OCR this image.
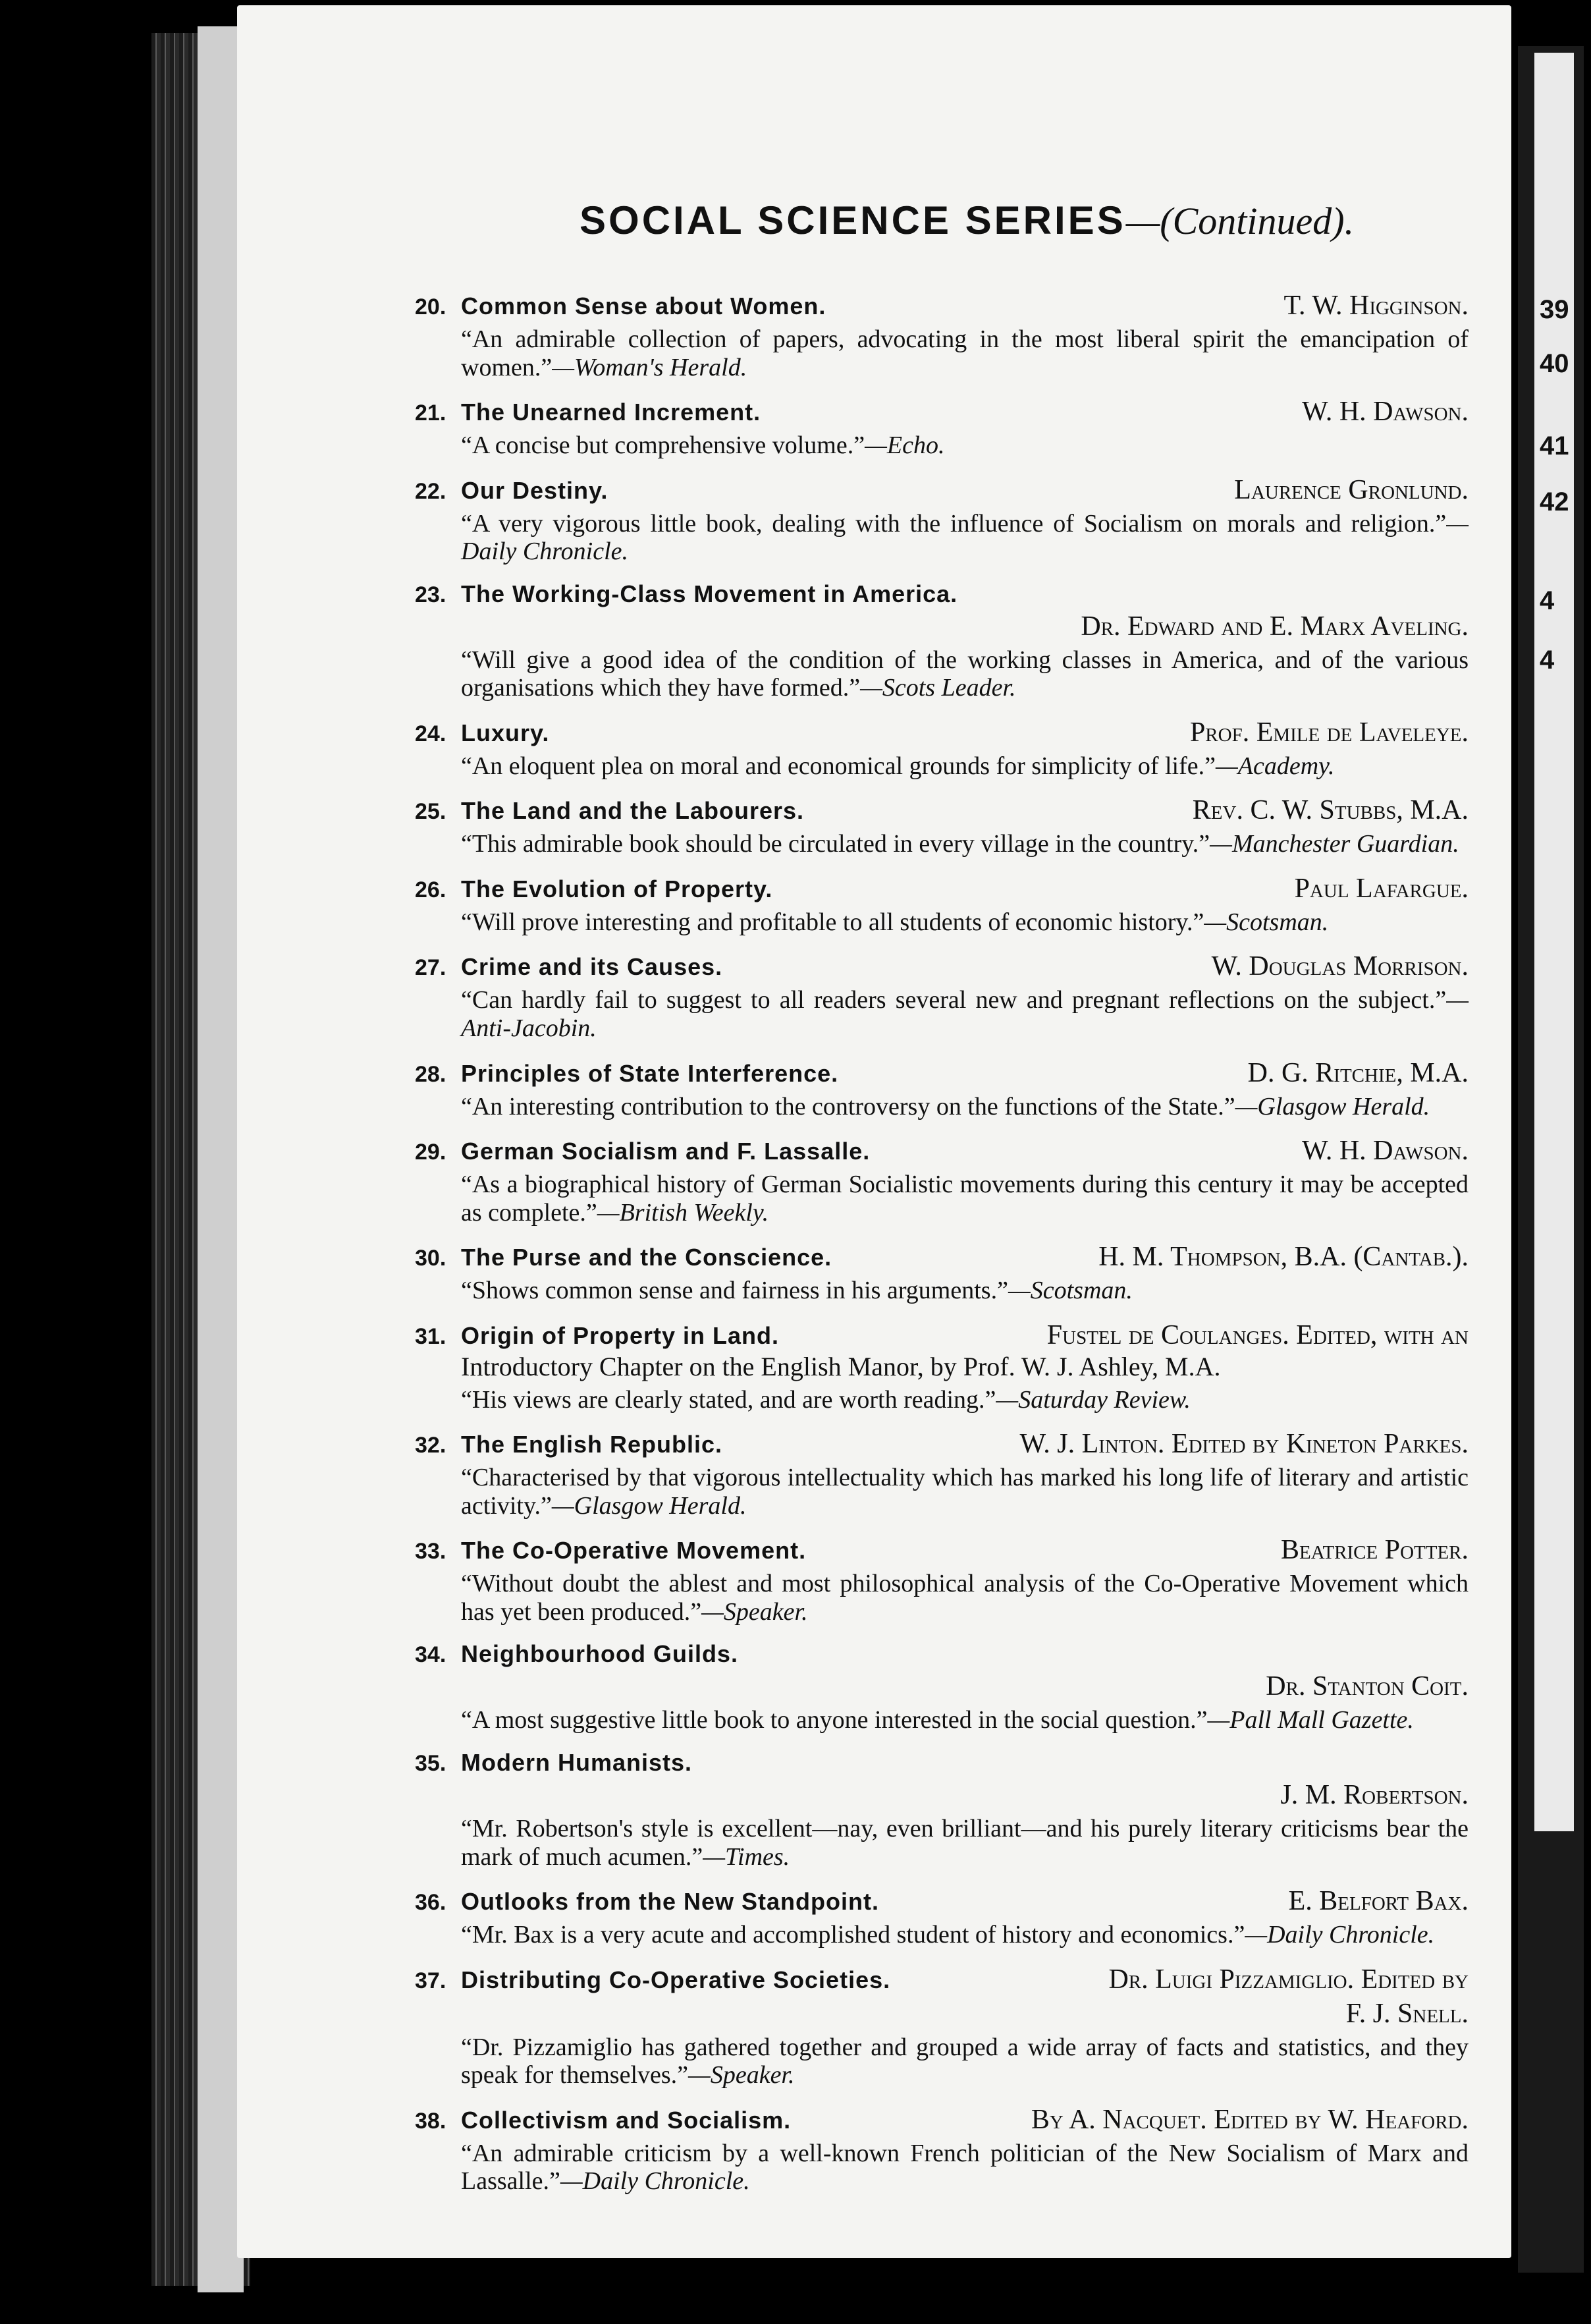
39
40
41
42
4
4
SOCIAL SCIENCE SERIES—(Continued).
20. Common Sense about Women.	T. W. Higginson.
“An admirable collection of papers, advocating in the most liberal spirit the emancipation of women.”—Woman's Herald.
21. The Unearned Increment.	W. H. Dawson.
“A concise but comprehensive volume.”—Echo.
22. Our Destiny.	Laurence Gronlund.
“A very vigorous little book, dealing with the influence of Socialism on morals and religion.”—Daily Chronicle.
23. The Working-Class Movement in America.
Dr. Edward and E. Marx Aveling.
“Will give a good idea of the condition of the working classes in America, and of the various organisations which they have formed.”—Scots Leader.
24. Luxury.	Prof. Emile de Laveleye.
“An eloquent plea on moral and economical grounds for simplicity of life.”—Academy.
25. The Land and the Labourers.	Rev. C. W. Stubbs, M.A.
“This admirable book should be circulated in every village in the country.”—Manchester Guardian.
26. The Evolution of Property.	Paul Lafargue.
“Will prove interesting and profitable to all students of economic history.”—Scotsman.
27. Crime and its Causes.	W. Douglas Morrison.
“Can hardly fail to suggest to all readers several new and pregnant reflections on the subject.”—Anti-Jacobin.
28. Principles of State Interference.	D. G. Ritchie, M.A.
“An interesting contribution to the controversy on the functions of the State.”—Glasgow Herald.
29. German Socialism and F. Lassalle.	W. H. Dawson.
“As a biographical history of German Socialistic movements during this century it may be accepted as complete.”—British Weekly.
30. The Purse and the Conscience.	H. M. Thompson, B.A. (Cantab.).
“Shows common sense and fairness in his arguments.”—Scotsman.
31. Origin of Property in Land.	Fustel de Coulanges. Edited, with an
Introductory Chapter on the English Manor, by Prof. W. J. Ashley, M.A.
“His views are clearly stated, and are worth reading.”—Saturday Review.
32. The English Republic.	W. J. Linton. Edited by Kineton Parkes.
“Characterised by that vigorous intellectuality which has marked his long life of literary and artistic activity.”—Glasgow Herald.
33. The Co-Operative Movement.	Beatrice Potter.
“Without doubt the ablest and most philosophical analysis of the Co-Operative Movement which has yet been produced.”—Speaker.
34. Neighbourhood Guilds.
Dr. Stanton Coit.
“A most suggestive little book to anyone interested in the social question.”—Pall Mall Gazette.
35. Modern Humanists.
J. M. Robertson.
“Mr. Robertson's style is excellent—nay, even brilliant—and his purely literary criticisms bear the mark of much acumen.”—Times.
36. Outlooks from the New Standpoint.	E. Belfort Bax.
“Mr. Bax is a very acute and accomplished student of history and economics.”—Daily Chronicle.
37. Distributing Co-Operative Societies.	Dr. Luigi Pizzamiglio. Edited by
F. J. Snell.
“Dr. Pizzamiglio has gathered together and grouped a wide array of facts and statistics, and they speak for themselves.”—Speaker.
38. Collectivism and Socialism.	By A. Nacquet. Edited by W. Heaford.
“An admirable criticism by a well-known French politician of the New Socialism of Marx and Lassalle.”—Daily Chronicle.
